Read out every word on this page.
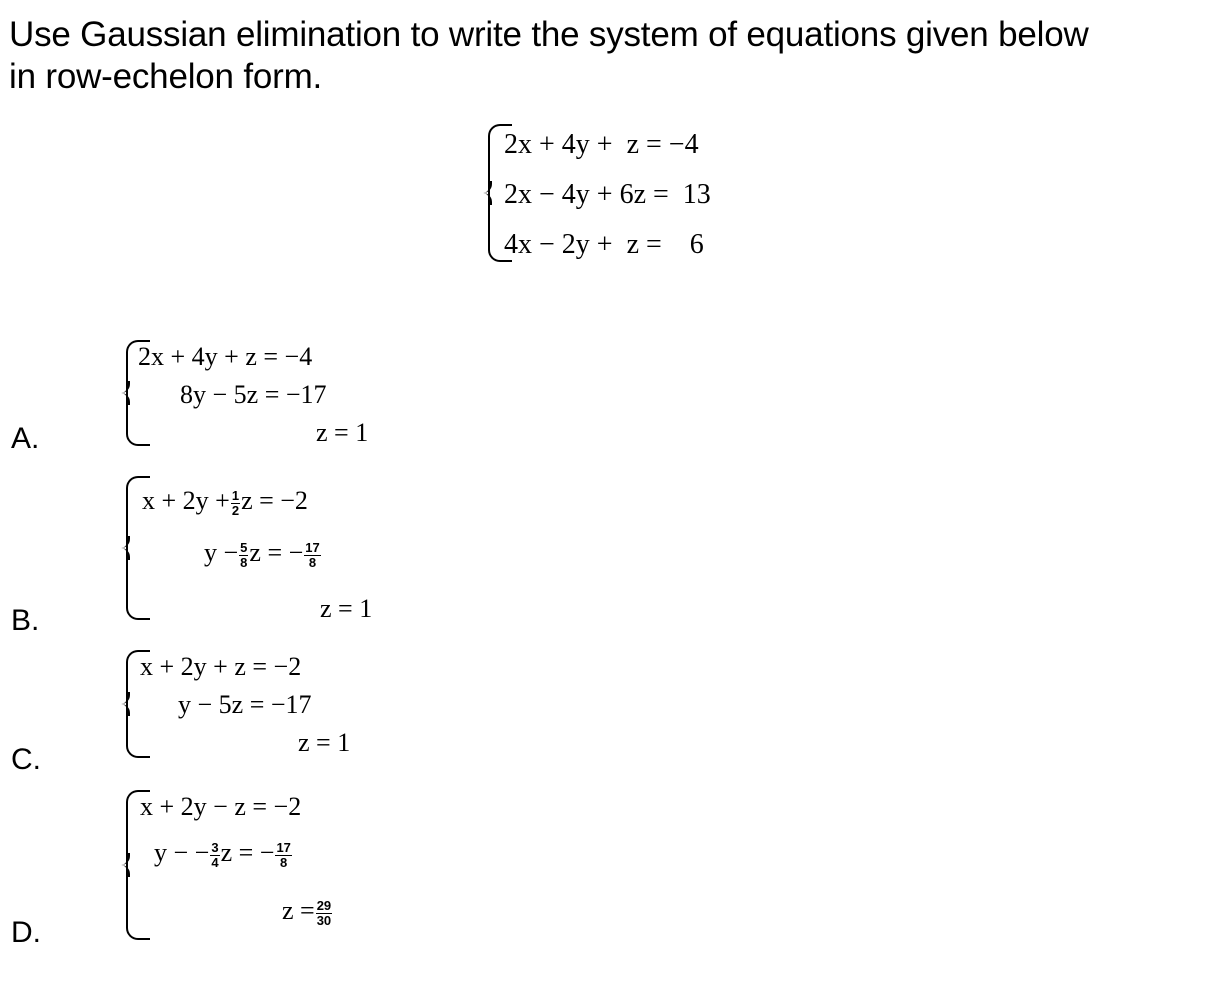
Use Gaussian elimination to write the system of equations given below
in row-echelon form.
2x + 4y +  z = −4
2x − 4y + 6z =  13
4x − 2y +  z =    6
A.
2x + 4y + z = −4
8y − 5z = −17
z = 1
B.
$x + 2y + \frac{1}{2}$ z = −2
$y - \frac{5}{8}$ z = − $\frac{17}{8}$
z = 1
C.
x + 2y + z = −2
y − 5z = −17
z = 1
D.
x + 2y − z = −2
y − − $\frac{3}{4}$ z = − $\frac{17}{8}$
$z = \frac{29}{30}$
